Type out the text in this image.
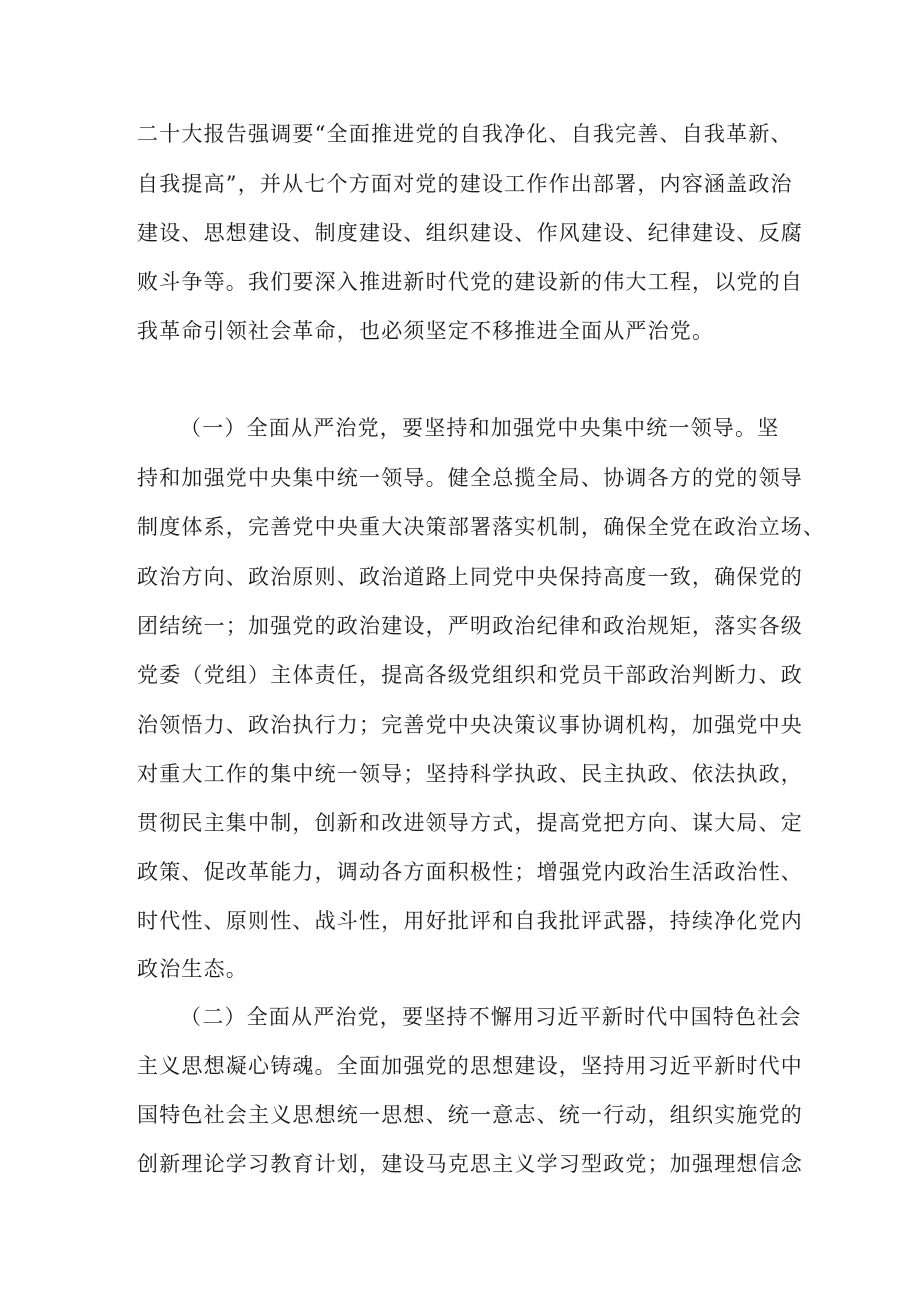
二十大报告强调要“全面推进党的自我净化、自我完善、自我革新、
自我提高”，并从七个方面对党的建设工作作出部署，内容涵盖政治
建设、思想建设、制度建设、组织建设、作风建设、纪律建设、反腐
败斗争等。我们要深入推进新时代党的建设新的伟大工程，以党的自
我革命引领社会革命，也必须坚定不移推进全面从严治党。
（一）全面从严治党，要坚持和加强党中央集中统一领导。坚
持和加强党中央集中统一领导。健全总揽全局、协调各方的党的领导
制度体系，完善党中央重大决策部署落实机制，确保全党在政治立场、
政治方向、政治原则、政治道路上同党中央保持高度一致，确保党的
团结统一；加强党的政治建设，严明政治纪律和政治规矩，落实各级
党委（党组）主体责任，提高各级党组织和党员干部政治判断力、政
治领悟力、政治执行力；完善党中央决策议事协调机构，加强党中央
对重大工作的集中统一领导；坚持科学执政、民主执政、依法执政，
贯彻民主集中制，创新和改进领导方式，提高党把方向、谋大局、定
政策、促改革能力，调动各方面积极性；增强党内政治生活政治性、
时代性、原则性、战斗性，用好批评和自我批评武器，持续净化党内
政治生态。
（二）全面从严治党，要坚持不懈用习近平新时代中国特色社会
主义思想凝心铸魂。全面加强党的思想建设，坚持用习近平新时代中
国特色社会主义思想统一思想、统一意志、统一行动，组织实施党的
创新理论学习教育计划，建设马克思主义学习型政党；加强理想信念
